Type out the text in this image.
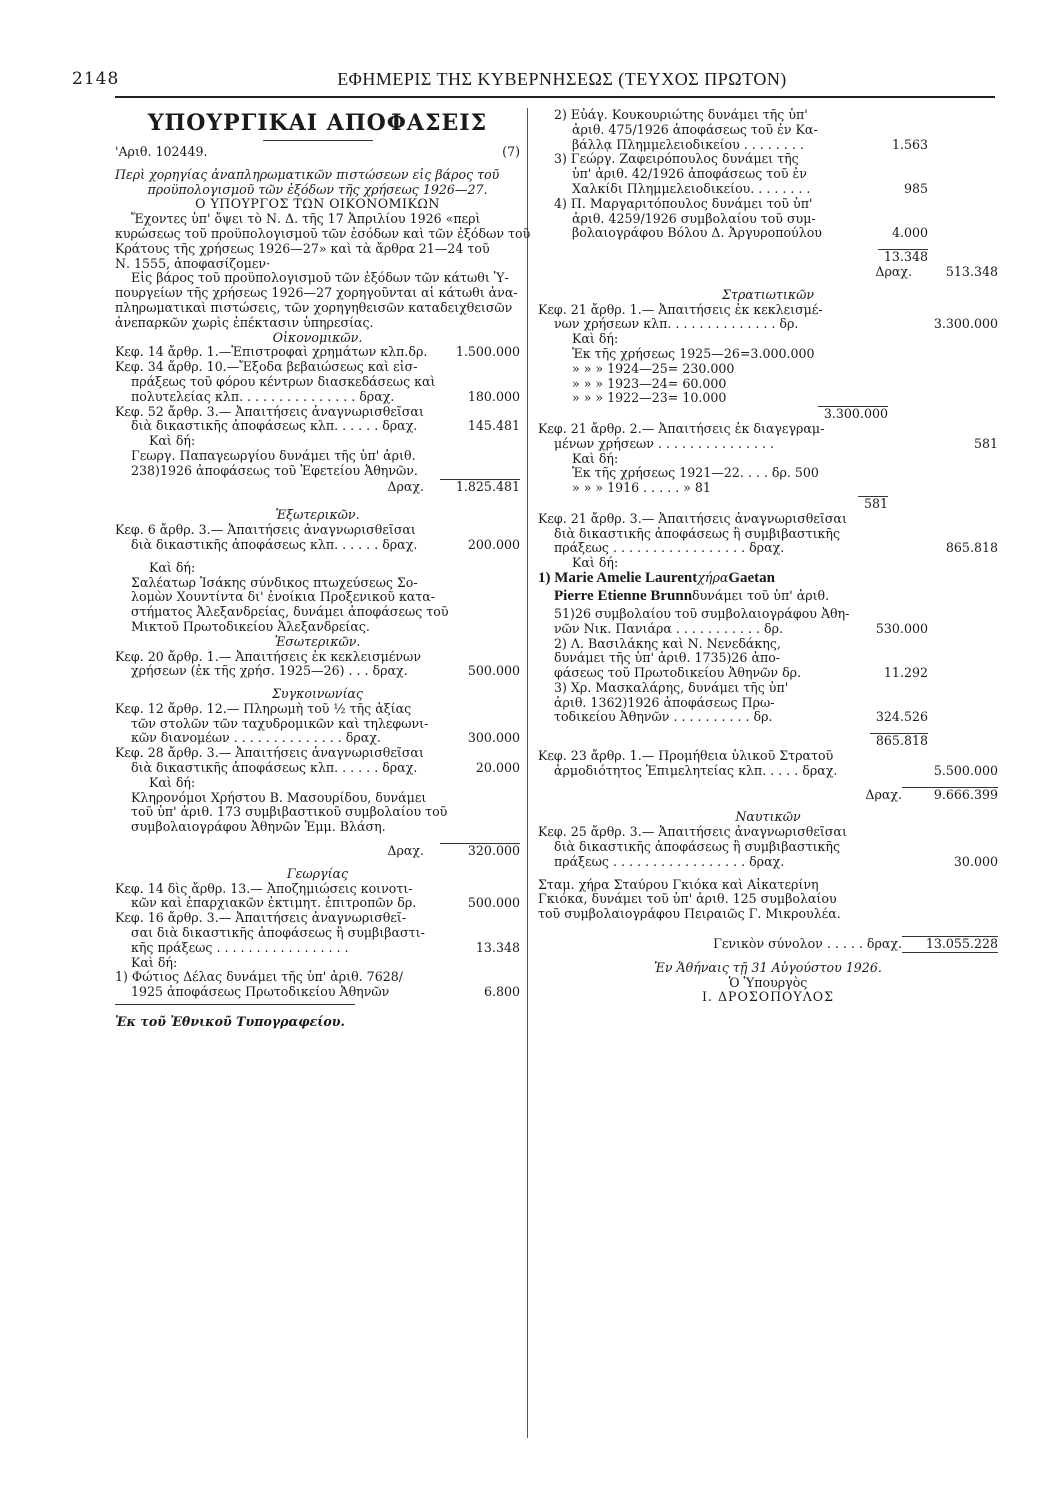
2148	ΕΦΗΜΕΡΙΣ ΤΗΣ ΚΥΒΕΡΝΗΣΕΩΣ (ΤΕΥΧΟΣ ΠΡΩΤΟΝ)
ΥΠΟΥΡΓΙΚΑΙ ΑΠΟΦΑΣΕΙΣ
'Αριθ. 102449.	(7)
Περὶ χορηγίας ἀναπληρωματικῶν πιστώσεων εἰς βάρος τοῦ
προϋπολογισμοῦ τῶν ἐξόδων τῆς χρήσεως 1926—27.
Ο ΥΠΟΥΡΓΟΣ ΤΩΝ ΟΙΚΟΝΟΜΙΚΩΝ
Ἔχοντες ὑπ' ὄψει τὸ Ν. Δ. τῆς 17 Ἀπριλίου 1926 «περὶ
κυρώσεως τοῦ προϋπολογισμοῦ τῶν ἐσόδων καὶ τῶν ἐξόδων τοῦ
Κράτους τῆς χρήσεως 1926—27» καὶ τὰ ἄρθρα 21—24 τοῦ
Ν. 1555, ἀποφασίζομεν·
Εἰς βάρος τοῦ προϋπολογισμοῦ τῶν ἐξόδων τῶν κάτωθι Ὑ-
πουργείων τῆς χρήσεως 1926—27 χορηγοῦνται αἱ κάτωθι ἀνα-
πληρωματικαὶ πιστώσεις, τῶν χορηγηθεισῶν καταδειχθεισῶν
ἀνεπαρκῶν χωρὶς ἐπέκτασιν ὑπηρεσίας.
Οἰκονομικῶν.
Κεφ. 14 ἄρθρ. 1.—Ἐπιστροφαὶ χρημάτων κλπ.δρ.	1.500.000
Κεφ. 34 ἄρθρ. 10.—Ἔξοδα βεβαιώσεως καὶ εἰσ-
πράξεως τοῦ φόρου κέντρων διασκεδάσεως καὶ
πολυτελείας κλπ. . . . . . . . . . . . . . . δραχ.	180.000
Κεφ. 52 ἄρθρ. 3.— Ἀπαιτήσεις ἀναγνωρισθεῖσαι
διὰ δικαστικῆς ἀποφάσεως κλπ. . . . . . δραχ.	145.481
Καὶ δή:
Γεωργ. Παπαγεωργίου δυνάμει τῆς ὑπ' ἀριθ.
238)1926 ἀποφάσεως τοῦ Ἐφετείου Ἀθηνῶν.
Δραχ.	1.825.481
Ἐξωτερικῶν.
Κεφ. 6 ἄρθρ. 3.— Ἀπαιτήσεις ἀναγνωρισθεῖσαι
διὰ δικαστικῆς ἀποφάσεως κλπ. . . . . . δραχ.	200.000
Καὶ δή:
Σαλέατωρ Ἰσάκης σύνδικος πτωχεύσεως Σο-
λομὼν Χουντίντα δι' ἐνοίκια Προξενικοῦ κατα-
στήματος Ἀλεξανδρείας, δυνάμει ἀποφάσεως τοῦ
Μικτοῦ Πρωτοδικείου Ἀλεξανδρείας.
Ἐσωτερικῶν.
Κεφ. 20 ἄρθρ. 1.— Ἀπαιτήσεις ἐκ κεκλεισμένων
χρήσεων (ἐκ τῆς χρήσ. 1925—26) . . . δραχ.	500.000
Συγκοινωνίας
Κεφ. 12 ἄρθρ. 12.— Πληρωμὴ τοῦ ½ τῆς ἀξίας
τῶν στολῶν τῶν ταχυδρομικῶν καὶ τηλεφωνι-
κῶν διανομέων . . . . . . . . . . . . . . δραχ.	300.000
Κεφ. 28 ἄρθρ. 3.— Ἀπαιτήσεις ἀναγνωρισθεῖσαι
διὰ δικαστικῆς ἀποφάσεως κλπ. . . . . . δραχ.	20.000
Καὶ δή:
Κληρονόμοι Χρήστου Β. Μασουρίδου, δυνάμει
τοῦ ὑπ' ἀριθ. 173 συμβιβαστικοῦ συμβολαίου τοῦ
συμβολαιογράφου Ἀθηνῶν Ἐμμ. Βλάση.
Δραχ.	320.000
Γεωργίας
Κεφ. 14 δὶς ἄρθρ. 13.— Ἀποζημιώσεις κοινοτι-
κῶν καὶ ἐπαρχιακῶν ἐκτιμητ. ἐπιτροπῶν δρ.	500.000
Κεφ. 16 ἄρθρ. 3.— Ἀπαιτήσεις ἀναγνωρισθεῖ-
σαι διὰ δικαστικῆς ἀποφάσεως ἢ συμβιβαστι-
κῆς πράξεως . . . . . . . . . . . . . . . . .	13.348
Καὶ δή:
1) Φώτιος Δέλας δυνάμει τῆς ὑπ' ἀριθ. 7628/
1925 ἀποφάσεως Πρωτοδικείου Ἀθηνῶν	6.800
Ἐκ τοῦ Ἐθνικοῦ Τυπογραφείου.
2) Εὐάγ. Κουκουριώτης δυνάμει τῆς ὑπ'
ἀριθ. 475/1926 ἀποφάσεως τοῦ ἐν Κα-
βάλλᾳ Πλημμελειοδικείου . . . . . . . .	1.563
3) Γεώργ. Ζαφειρόπουλος δυνάμει τῆς
ὑπ' ἀριθ. 42/1926 ἀποφάσεως τοῦ ἐν
Χαλκίδι Πλημμελειοδικείου. . . . . . . .	985
4) Π. Μαργαριτόπουλος δυνάμει τοῦ ὑπ'
ἀριθ. 4259/1926 συμβολαίου τοῦ συμ-
βολαιογράφου Βόλου Δ. Ἀργυροπούλου	4.000
13.348
Δραχ.	513.348
Στρατιωτικῶν
Κεφ. 21 ἄρθρ. 1.— Ἀπαιτήσεις ἐκ κεκλεισμέ-
νων χρήσεων κλπ. . . . . . . . . . . . . . δρ.	3.300.000
Καὶ δή:
Ἐκ τῆς χρήσεως 1925—26=3.000.000
» » » 1924—25= 230.000
» » » 1923—24= 60.000
» » » 1922—23= 10.000
3.300.000
Κεφ. 21 ἄρθρ. 2.— Ἀπαιτήσεις ἐκ διαγεγραμ-
μένων χρήσεων . . . . . . . . . . . . . . .	581
Καὶ δή:
Ἐκ τῆς χρήσεως 1921—22. . . . δρ. 500
» » » 1916 . . . . . » 81
581
Κεφ. 21 ἄρθρ. 3.— Ἀπαιτήσεις ἀναγνωρισθεῖσαι
διὰ δικαστικῆς ἀποφάσεως ἢ συμβιβαστικῆς
πράξεως . . . . . . . . . . . . . . . . . δραχ.	865.818
Καὶ δή:
1) Marie Amelie Laurent χήρα Gaetan
Pierre Etienne Brunn δυνάμει τοῦ ὑπ' ἀριθ.
51)26 συμβολαίου τοῦ συμβολαιογράφου Ἀθη-
νῶν Νικ. Πανιάρα . . . . . . . . . . . δρ.	530.000
2) Λ. Βασιλάκης καὶ Ν. Νενεδάκης,
δυνάμει τῆς ὑπ' ἀριθ. 1735)26 ἀπο-
φάσεως τοῦ Πρωτοδικείου Ἀθηνῶν δρ.	11.292
3) Χρ. Μασκαλάρης, δυνάμει τῆς ὑπ'
ἀριθ. 1362)1926 ἀποφάσεως Πρω-
τοδικείου Ἀθηνῶν . . . . . . . . . . δρ.	324.526
865.818
Κεφ. 23 ἄρθρ. 1.— Προμήθεια ὑλικοῦ Στρατοῦ
ἁρμοδιότητος Ἐπιμελητείας κλπ. . . . . δραχ.	5.500.000
Δραχ.	9.666.399
Ναυτικῶν
Κεφ. 25 ἄρθρ. 3.— Ἀπαιτήσεις ἀναγνωρισθεῖσαι
διὰ δικαστικῆς ἀποφάσεως ἢ συμβιβαστικῆς
πράξεως . . . . . . . . . . . . . . . . . δραχ.	30.000
Σταμ. χήρα Σταύρου Γκιόκα καὶ Αἰκατερίνη
Γκιόκα, δυνάμει τοῦ ὑπ' ἀριθ. 125 συμβολαίου
τοῦ συμβολαιογράφου Πειραιῶς Γ. Μικρουλέα.
Γενικὸν σύνολον . . . . . δραχ.	13.055.228
Ἐν Ἀθήναις τῇ 31 Αὐγούστου 1926.
Ὁ Ὑπουργὸς
Ι. ΔΡΟΣΟΠΟΥΛΟΣ
